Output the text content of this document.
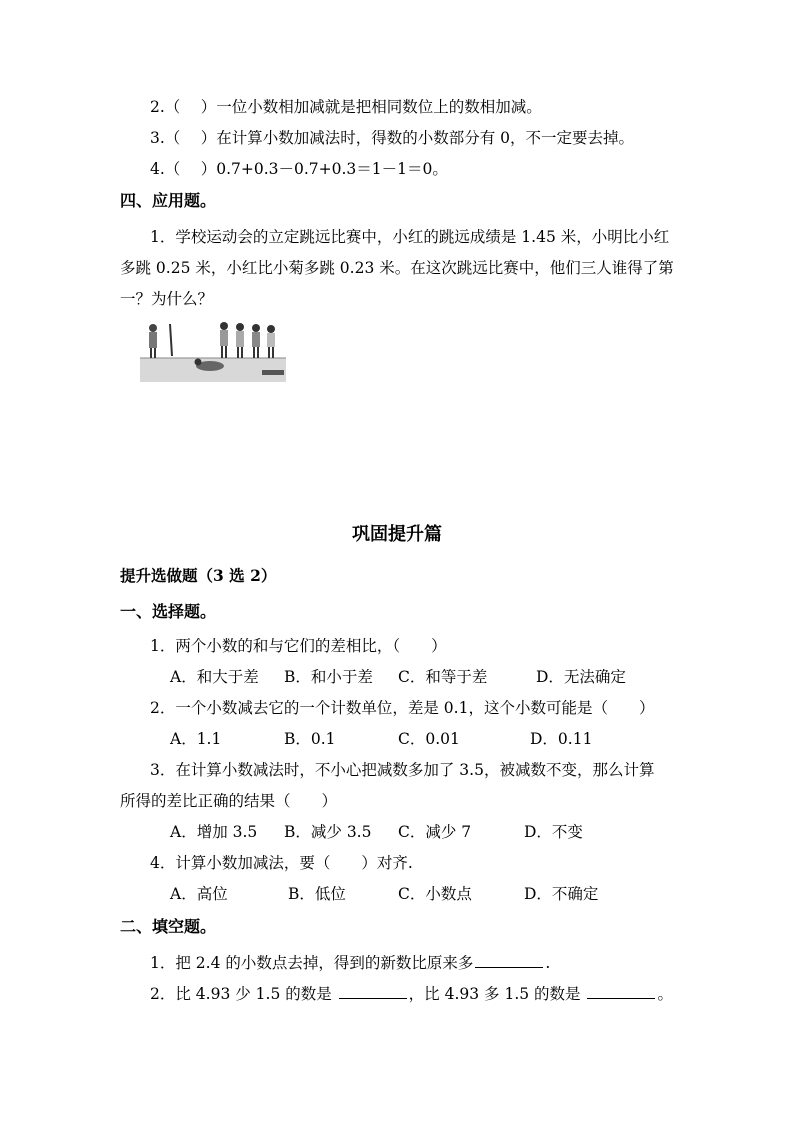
2.（　 ）一位小数相加减就是把相同数位上的数相加减。
3.（　 ）在计算小数加减法时，得数的小数部分有 0，不一定要去掉。
4.（　 ）0.7+0.3－0.7+0.3＝1－1＝0。
四、应用题。
1．学校运动会的立定跳远比赛中，小红的跳远成绩是 1.45 米，小明比小红
多跳 0.25 米，小红比小菊多跳 0.23 米。在这次跳远比赛中，他们三人谁得了第
一？为什么？
巩固提升篇
提升选做题（3 选 2）
一、选择题。
1．两个小数的和与它们的差相比，（　　）
A．和大于差 B．和小于差 C．和等于差	D．无法确定
2．一个小数减去它的一个计数单位，差是 0.1，这个小数可能是（　　）
A．1.1	B．0.1	C．0.01	D．0.11
3．在计算小数减法时，不小心把减数多加了 3.5，被减数不变，那么计算
所得的差比正确的结果（　　）
A．增加 3.5 B．减少 3.5 C．减少 7	D．不变
4．计算小数加减法，要（　　）对齐.
A．高位	B．低位	C．小数点	D．不确定
二、填空题。
1．把 2.4 的小数点去掉，得到的新数比原来多	.
2．比 4.93 少 1.5 的数是	，比 4.93 多 1.5 的数是	。
